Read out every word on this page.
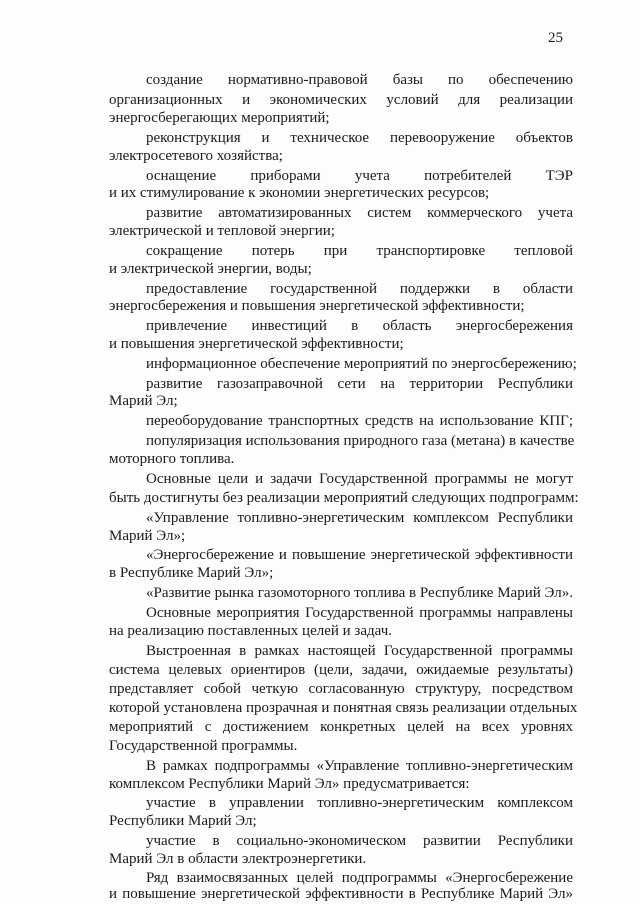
25
создание нормативно-правовой базы по обеспечению
организационных и экономических условий для реализации
энергосберегающих мероприятий;
реконструкция и техническое перевооружение объектов
электросетевого хозяйства;
оснащение приборами учета потребителей ТЭР
и их стимулирование к экономии энергетических ресурсов;
развитие автоматизированных систем коммерческого учета
электрической и тепловой энергии;
сокращение потерь при транспортировке тепловой
и электрической энергии, воды;
предоставление государственной поддержки в области
энергосбережения и повышения энергетической эффективности;
привлечение инвестиций в область энергосбережения
и повышения энергетической эффективности;
информационное обеспечение мероприятий по энергосбережению;
развитие газозаправочной сети на территории Республики
Марий Эл;
переоборудование транспортных средств на использование КПГ;
популяризация использования природного газа (метана) в качестве
моторного топлива.
Основные цели и задачи Государственной программы не могут
быть достигнуты без реализации мероприятий следующих подпрограмм:
«Управление топливно-энергетическим комплексом Республики
Марий Эл»;
«Энергосбережение и повышение энергетической эффективности
в Республике Марий Эл»;
«Развитие рынка газомоторного топлива в Республике Марий Эл».
Основные мероприятия Государственной программы направлены
на реализацию поставленных целей и задач.
Выстроенная в рамках настоящей Государственной программы
система целевых ориентиров (цели, задачи, ожидаемые результаты)
представляет собой четкую согласованную структуру, посредством
которой установлена прозрачная и понятная связь реализации отдельных
мероприятий с достижением конкретных целей на всех уровнях
Государственной программы.
В рамках подпрограммы «Управление топливно-энергетическим
комплексом Республики Марий Эл» предусматривается:
участие в управлении топливно-энергетическим комплексом
Республики Марий Эл;
участие в социально-экономическом развитии Республики
Марий Эл в области электроэнергетики.
Ряд взаимосвязанных целей подпрограммы «Энергосбережение
и повышение энергетической эффективности в Республике Марий Эл»
